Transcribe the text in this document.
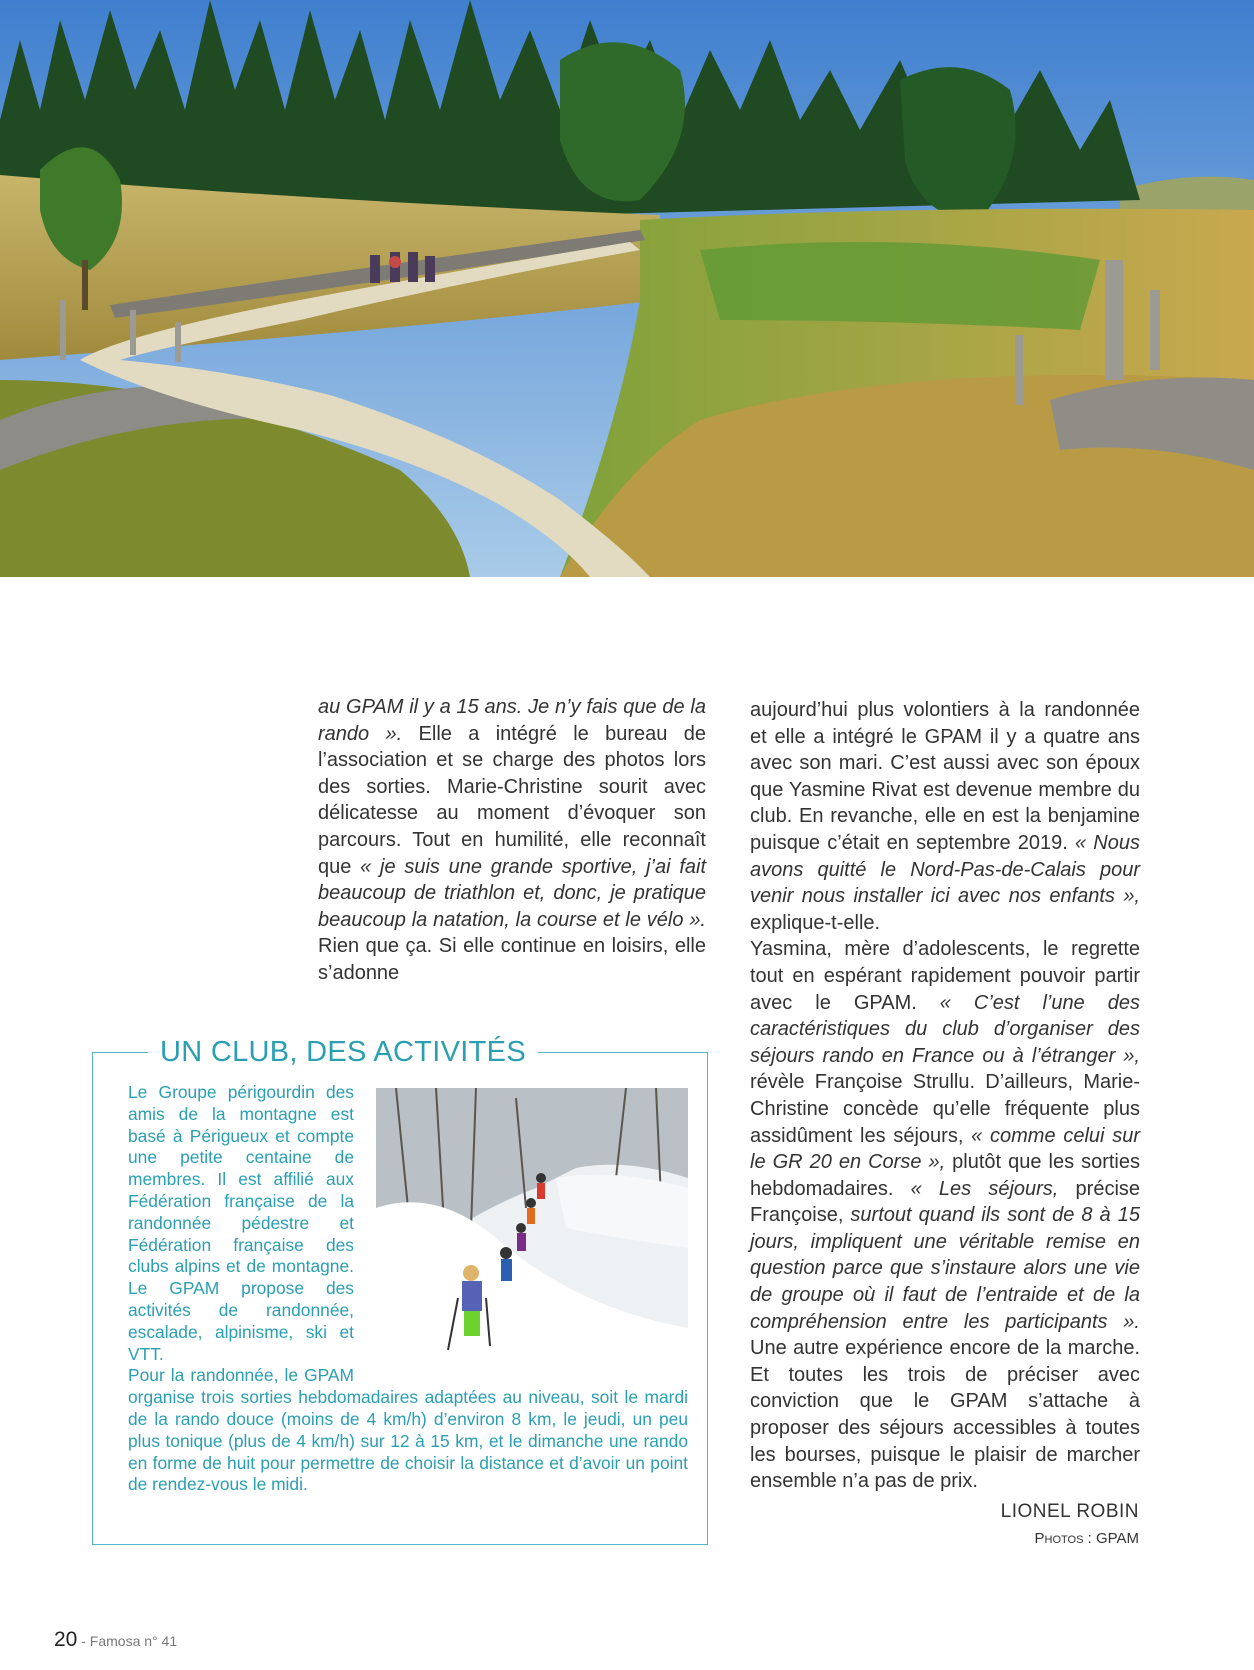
au GPAM il y a 15 ans. Je n’y fais que de la rando ». Elle a intégré le bureau de l’association et se charge des photos lors des sorties. Marie-Christine sourit avec délicatesse au moment d’évoquer son parcours. Tout en humilité, elle reconnaît que « je suis une grande sportive, j’ai fait beaucoup de triathlon et, donc, je pratique beaucoup la natation, la course et le vélo ». Rien que ça. Si elle continue en loisirs, elle s’adonne

aujourd’hui plus volontiers à la randonnée et elle a intégré le GPAM il y a quatre ans avec son mari. C’est aussi avec son époux que Yasmine Rivat est devenue membre du club. En revanche, elle en est la benjamine puisque c’était en septembre 2019. « Nous avons quitté le Nord-Pas-de-Calais pour venir nous installer ici avec nos enfants », explique-t-elle.

Yasmina, mère d’adolescents, le regrette tout en espérant rapidement pouvoir partir avec le GPAM. « C’est l’une des caractéristiques du club d’organiser des séjours rando en France ou à l’étranger », révèle Françoise Strullu. D’ailleurs, Marie-Christine concède qu’elle fréquente plus assidûment les séjours, « comme celui sur le GR 20 en Corse », plutôt que les sorties hebdomadaires. « Les séjours, précise Françoise, surtout quand ils sont de 8 à 15 jours, impliquent une véritable remise en question parce que s’instaure alors une vie de groupe où il faut de l’entraide et de la compréhension entre les participants ». Une autre expérience encore de la marche. Et toutes les trois de préciser avec conviction que le GPAM s’attache à proposer des séjours accessibles à toutes les bourses, puisque le plaisir de marcher ensemble n’a pas de prix.

UN CLUB, DES ACTIVITÉS

Le Groupe périgourdin des amis de la montagne est basé à Périgueux et compte une petite centaine de membres. Il est affilié aux Fédération française de la randonnée pédestre et Fédération française des clubs alpins et de montagne. Le GPAM propose des activités de randonnée, escalade, alpinisme, ski et VTT.

Pour la randonnée, le GPAM organise trois sorties hebdomadaires adaptées au niveau, soit le mardi de la rando douce (moins de 4 km/h) d’environ 8 km, le jeudi, un peu plus tonique (plus de 4 km/h) sur 12 à 15 km, et le dimanche une rando en forme de huit pour permettre de choisir la distance et d’avoir un point de rendez-vous le midi.

LIONEL ROBIN
Photos : GPAM
20 - Famosa n° 41
